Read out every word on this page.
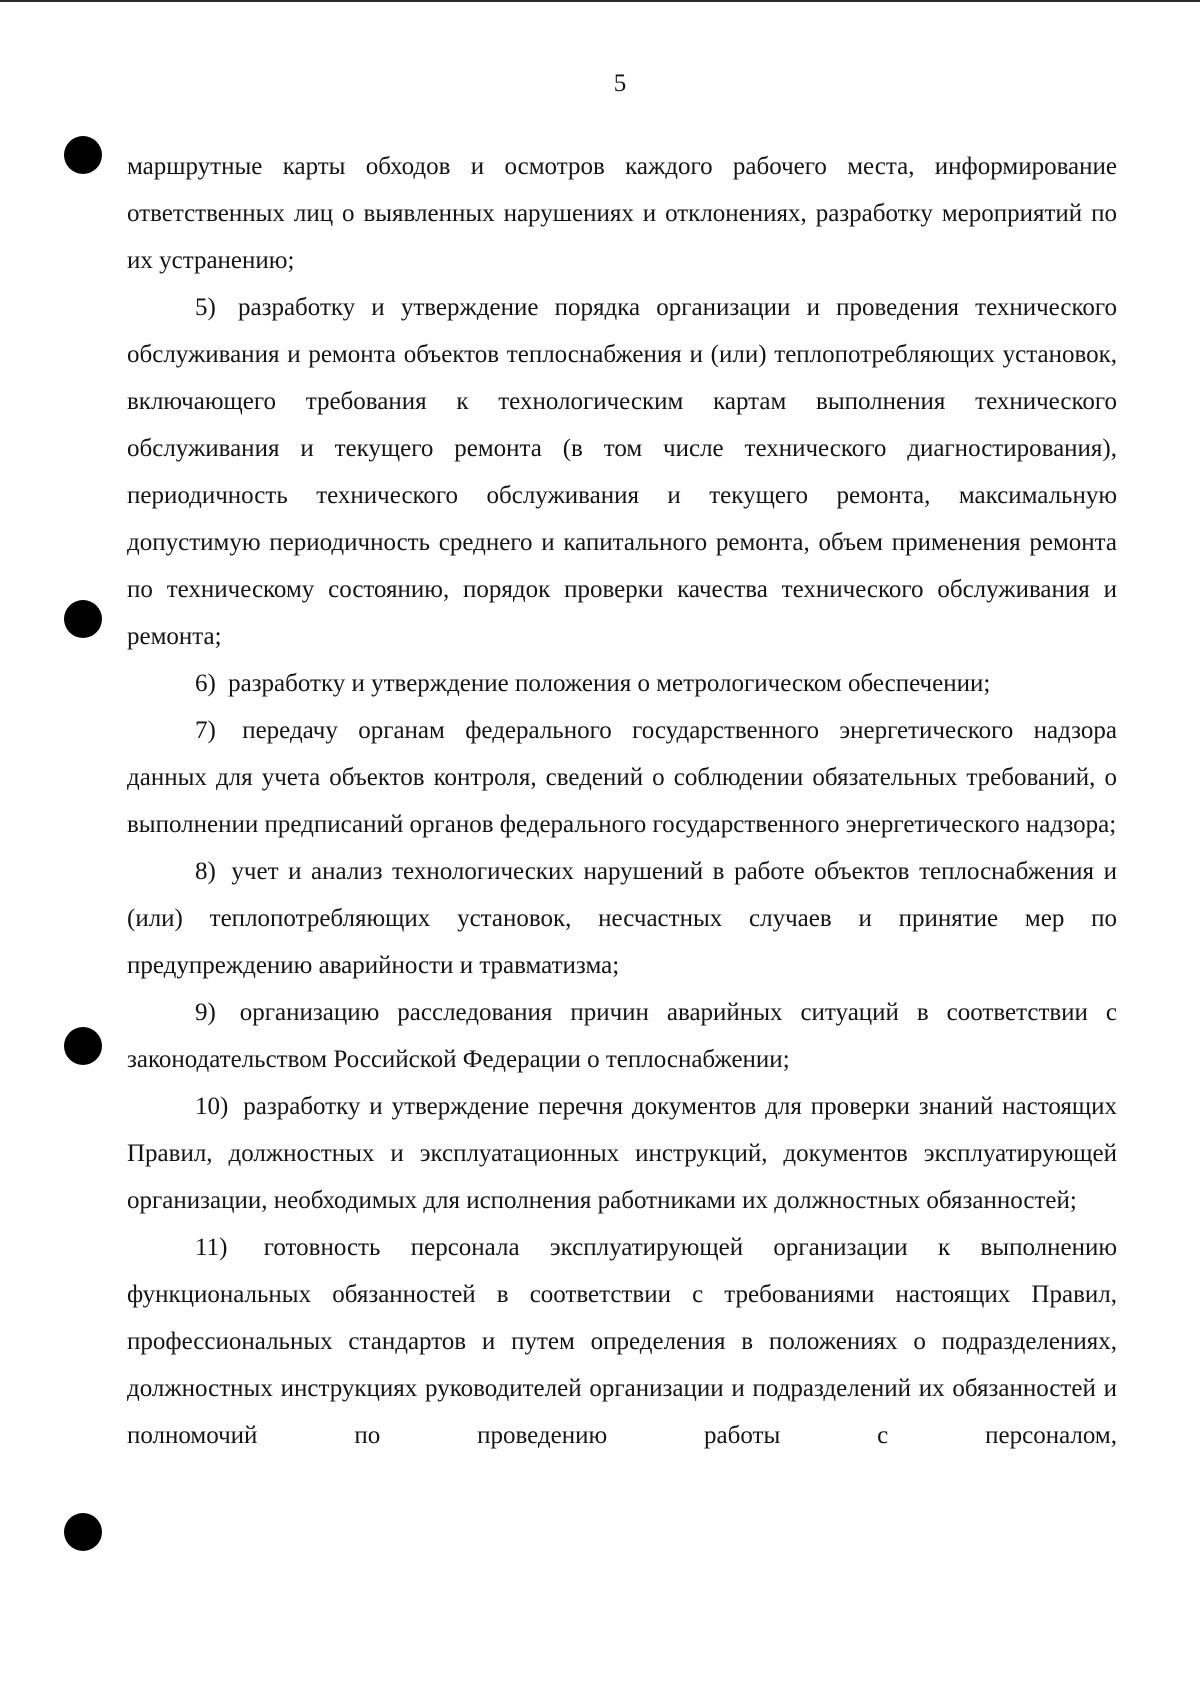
5

маршрутные карты обходов и осмотров каждого рабочего места, информирование ответственных лиц о выявленных нарушениях и отклонениях, разработку мероприятий по их устранению;

5) разработку и утверждение порядка организации и проведения технического обслуживания и ремонта объектов теплоснабжения и (или) теплопотребляющих установок, включающего требования к технологическим картам выполнения технического обслуживания и текущего ремонта (в том числе технического диагностирования), периодичность технического обслуживания и текущего ремонта, максимальную допустимую периодичность среднего и капитального ремонта, объем применения ремонта по техническому состоянию, порядок проверки качества технического обслуживания и ремонта;

6) разработку и утверждение положения о метрологическом обеспечении;

7) передачу органам федерального государственного энергетического надзора данных для учета объектов контроля, сведений о соблюдении обязательных требований, о выполнении предписаний органов федерального государственного энергетического надзора;

8) учет и анализ технологических нарушений в работе объектов теплоснабжения и (или) теплопотребляющих установок, несчастных случаев и принятие мер по предупреждению аварийности и травматизма;

9) организацию расследования причин аварийных ситуаций в соответствии с законодательством Российской Федерации о теплоснабжении;

10) разработку и утверждение перечня документов для проверки знаний настоящих Правил, должностных и эксплуатационных инструкций, документов эксплуатирующей организации, необходимых для исполнения работниками их должностных обязанностей;

11) готовность персонала эксплуатирующей организации к выполнению функциональных обязанностей в соответствии с требованиями настоящих Правил, профессиональных стандартов и путем определения в положениях о подразделениях, должностных инструкциях руководителей организации и подразделений их обязанностей и полномочий по проведению работы с персоналом,
